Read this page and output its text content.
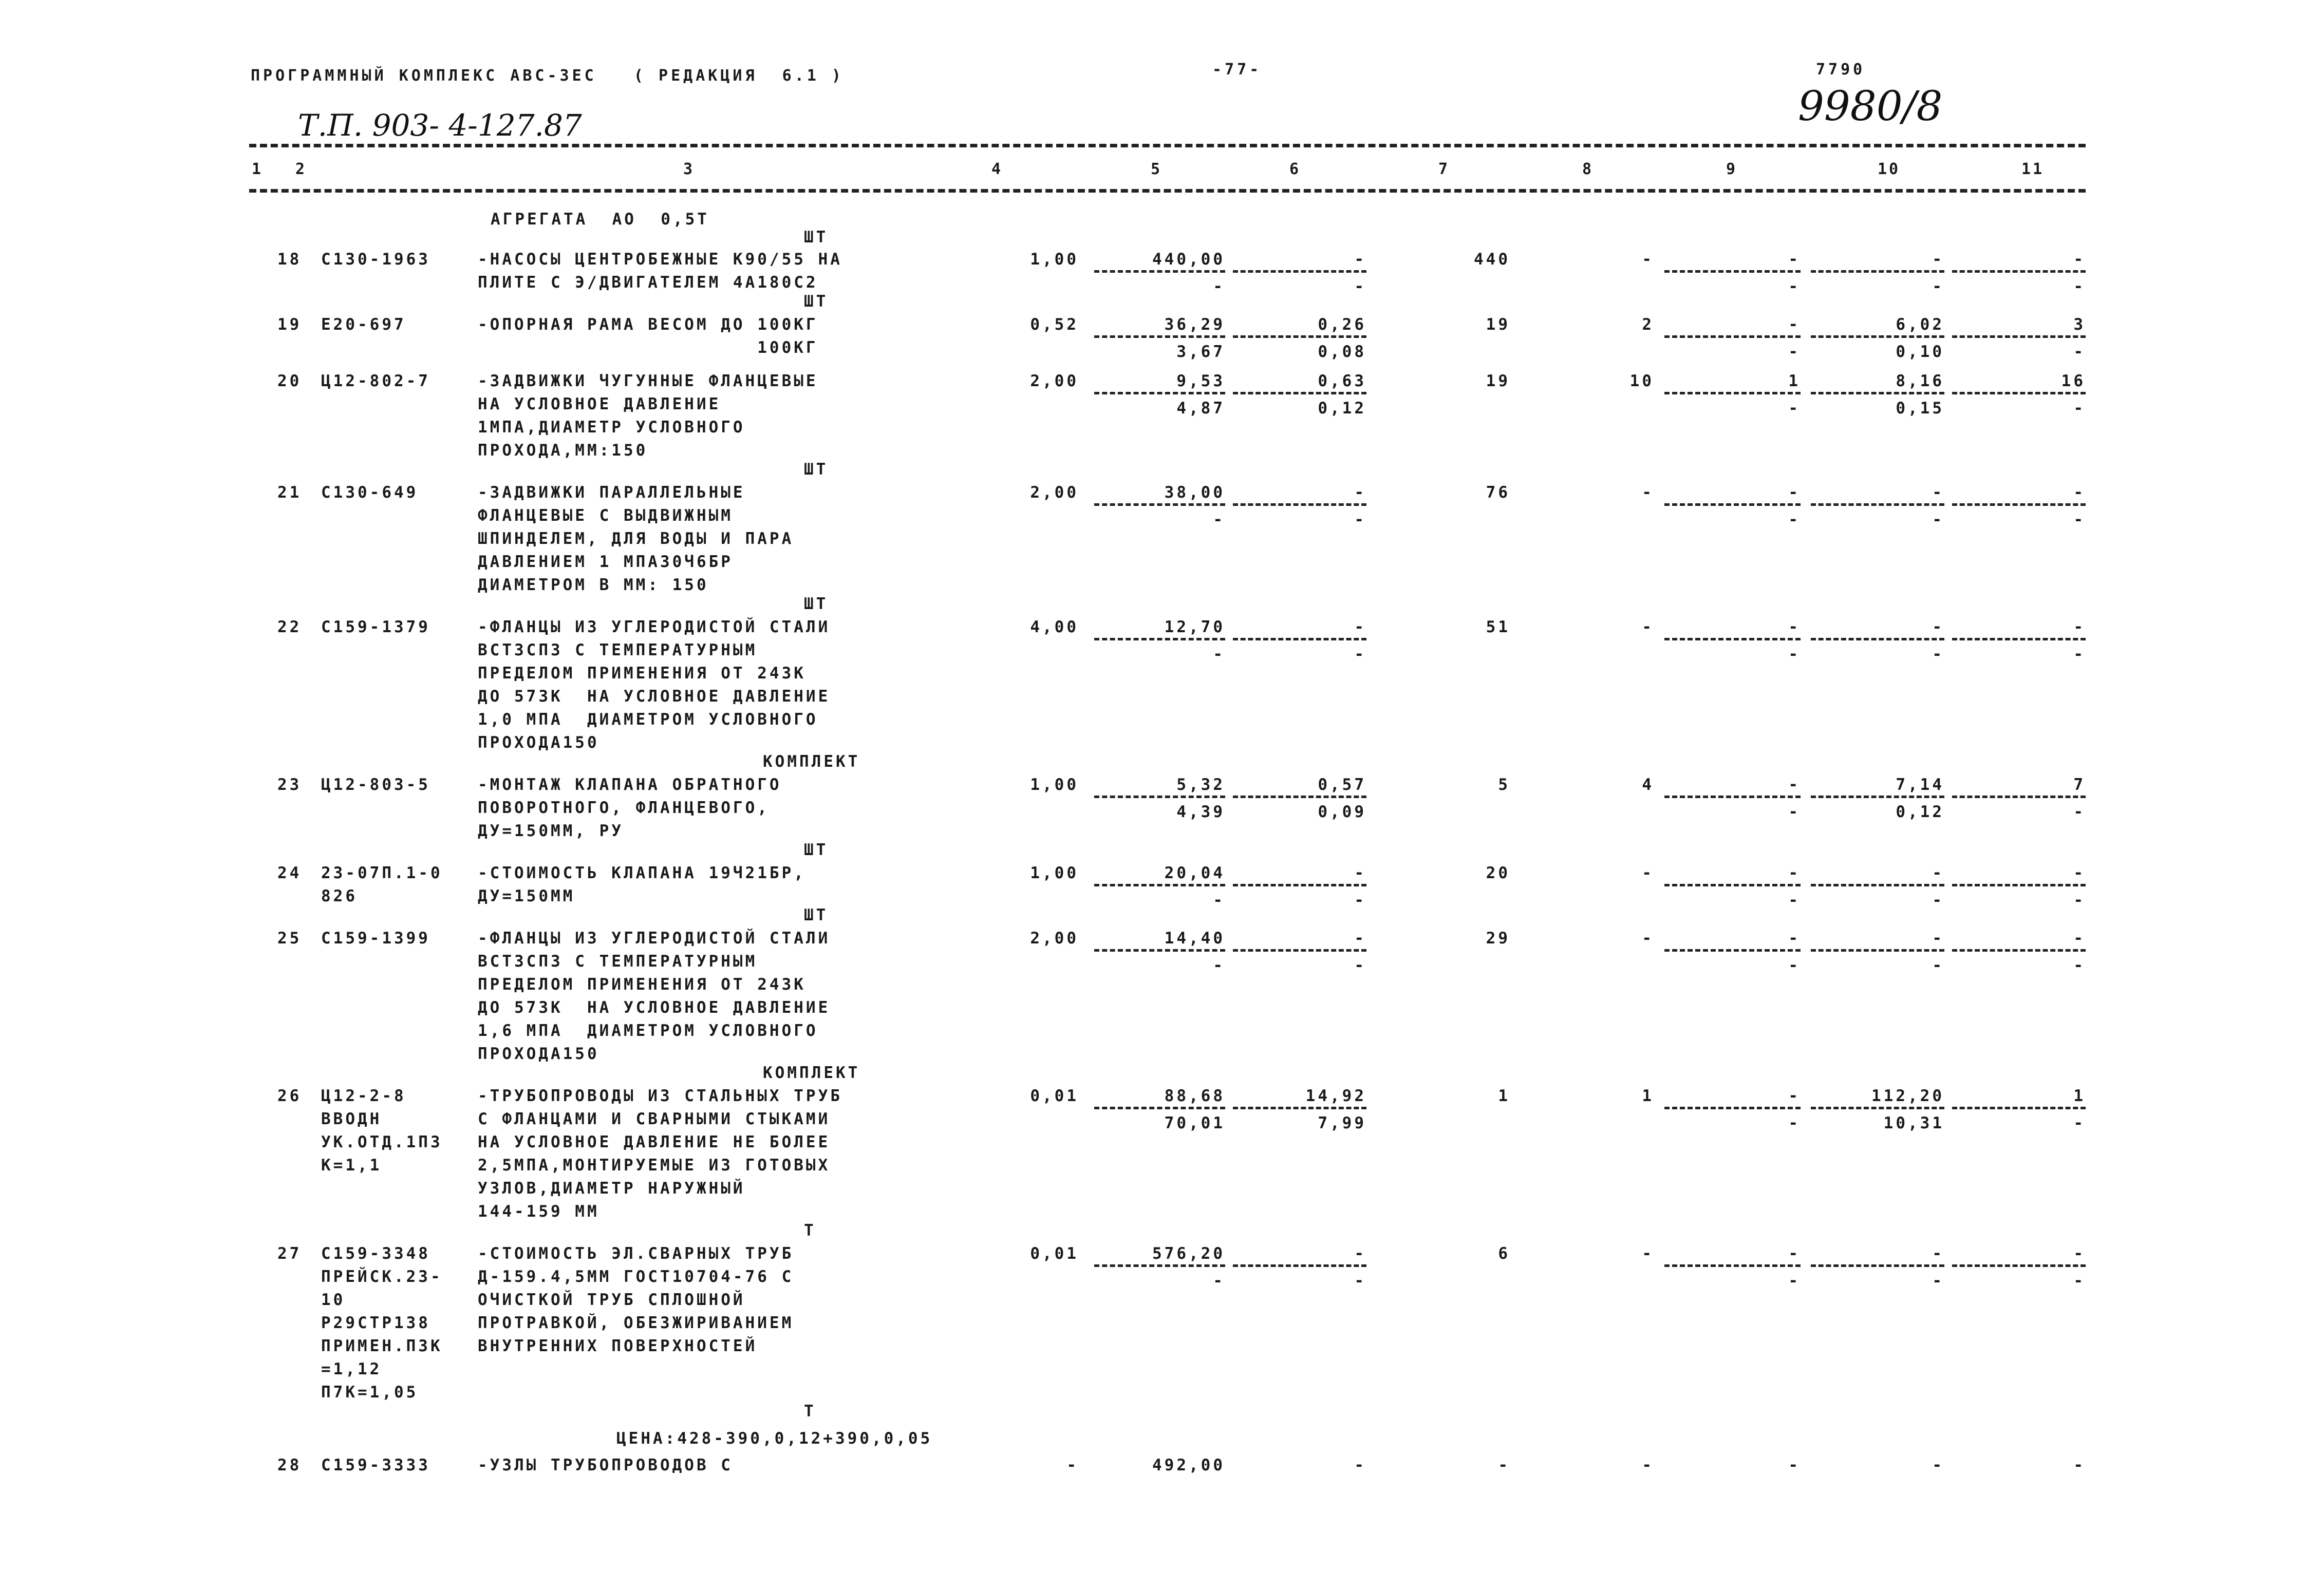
ПРОГРАММНЫЙ КОМПЛЕКС АВС-3ЕС   ( РЕДАКЦИЯ  6.1 )	-77-	7790
Т.П. 903- 4-127.87	9980/8
1 2	3	4	5	6	7	8	9	10	11
АГРЕГАТА  АО  0,5Т
ШТ
18 С130-1963	-НАСОСЫ ЦЕНТРОБЕЖНЫЕ К90/55 НА
ПЛИТЕ С Э/ДВИГАТЕЛЕМ 4А180С2
1,00	440,00	-	440	-	-	-	-
-	-	-	-	-
ШТ
19 Е20-697	-ОПОРНАЯ РАМА ВЕСОМ ДО 100КГ
100КГ
0,52	36,29	0,26	19	2	-	6,02	3
3,67	0,08	-	0,10	-
20 Ц12-802-7	-ЗАДВИЖКИ ЧУГУННЫЕ ФЛАНЦЕВЫЕ
НА УСЛОВНОЕ ДАВЛЕНИЕ
1МПА,ДИАМЕТР УСЛОВНОГО
ПРОХОДА,ММ:150
2,00	9,53	0,63	19	10	1	8,16	16
4,87	0,12	-	0,15	-
ШТ
21 С130-649	-ЗАДВИЖКИ ПАРАЛЛЕЛЬНЫЕ
ФЛАНЦЕВЫЕ С ВЫДВИЖНЫМ
ШПИНДЕЛЕМ, ДЛЯ ВОДЫ И ПАРА
ДАВЛЕНИЕМ 1 МПА30Ч6БР
ДИАМЕТРОМ В ММ: 150
2,00	38,00	-	76	-	-	-	-
-	-	-	-	-
ШТ
22 С159-1379	-ФЛАНЦЫ ИЗ УГЛЕРОДИСТОЙ СТАЛИ
ВСТ3СП3 С ТЕМПЕРАТУРНЫМ
ПРЕДЕЛОМ ПРИМЕНЕНИЯ ОТ 243К
ДО 573К  НА УСЛОВНОЕ ДАВЛЕНИЕ
1,0 МПА  ДИАМЕТРОМ УСЛОВНОГО
ПРОХОДА150
4,00	12,70	-	51	-	-	-	-
-	-	-	-	-
КОМПЛЕКТ
23 Ц12-803-5	-МОНТАЖ КЛАПАНА ОБРАТНОГО
ПОВОРОТНОГО, ФЛАНЦЕВОГО,
ДУ=150ММ, РУ
1,00	5,32	0,57	5	4	-	7,14	7
4,39	0,09	-	0,12	-
ШТ
24 23-07П.1-0
826
-СТОИМОСТЬ КЛАПАНА 19Ч21БР,
ДУ=150ММ
1,00	20,04	-	20	-	-	-	-
-	-	-	-	-
ШТ
25 С159-1399	-ФЛАНЦЫ ИЗ УГЛЕРОДИСТОЙ СТАЛИ
ВСТ3СП3 С ТЕМПЕРАТУРНЫМ
ПРЕДЕЛОМ ПРИМЕНЕНИЯ ОТ 243К
ДО 573К  НА УСЛОВНОЕ ДАВЛЕНИЕ
1,6 МПА  ДИАМЕТРОМ УСЛОВНОГО
ПРОХОДА150
2,00	14,40	-	29	-	-	-	-
-	-	-	-	-
КОМПЛЕКТ
26 Ц12-2-8
ВВОДН
УК.ОТД.1П3
К=1,1
-ТРУБОПРОВОДЫ ИЗ СТАЛЬНЫХ ТРУБ
С ФЛАНЦАМИ И СВАРНЫМИ СТЫКАМИ
НА УСЛОВНОЕ ДАВЛЕНИЕ НЕ БОЛЕЕ
2,5МПА,МОНТИРУЕМЫЕ ИЗ ГОТОВЫХ
УЗЛОВ,ДИАМЕТР НАРУЖНЫЙ
144-159 ММ
0,01	88,68	14,92	1	1	-	112,20	1
70,01	7,99	-	10,31	-
Т
27 С159-3348
ПРЕЙСК.23-
10
Р29СТР138
ПРИМЕН.П3К
=1,12
П7К=1,05
-СТОИМОСТЬ ЭЛ.СВАРНЫХ ТРУБ
Д-159.4,5ММ ГОСТ10704-76 С
ОЧИСТКОЙ ТРУБ СПЛОШНОЙ
ПРОТРАВКОЙ, ОБЕЗЖИРИВАНИЕМ
ВНУТРЕННИХ ПОВЕРХНОСТЕЙ
0,01	576,20	-	6	-	-	-	-
-	-	-	-	-
Т
ЦЕНА:428-390,0,12+390,0,05
28 С159-3333	-УЗЛЫ ТРУБОПРОВОДОВ С	-	492,00	-	-	-	-	-	-
